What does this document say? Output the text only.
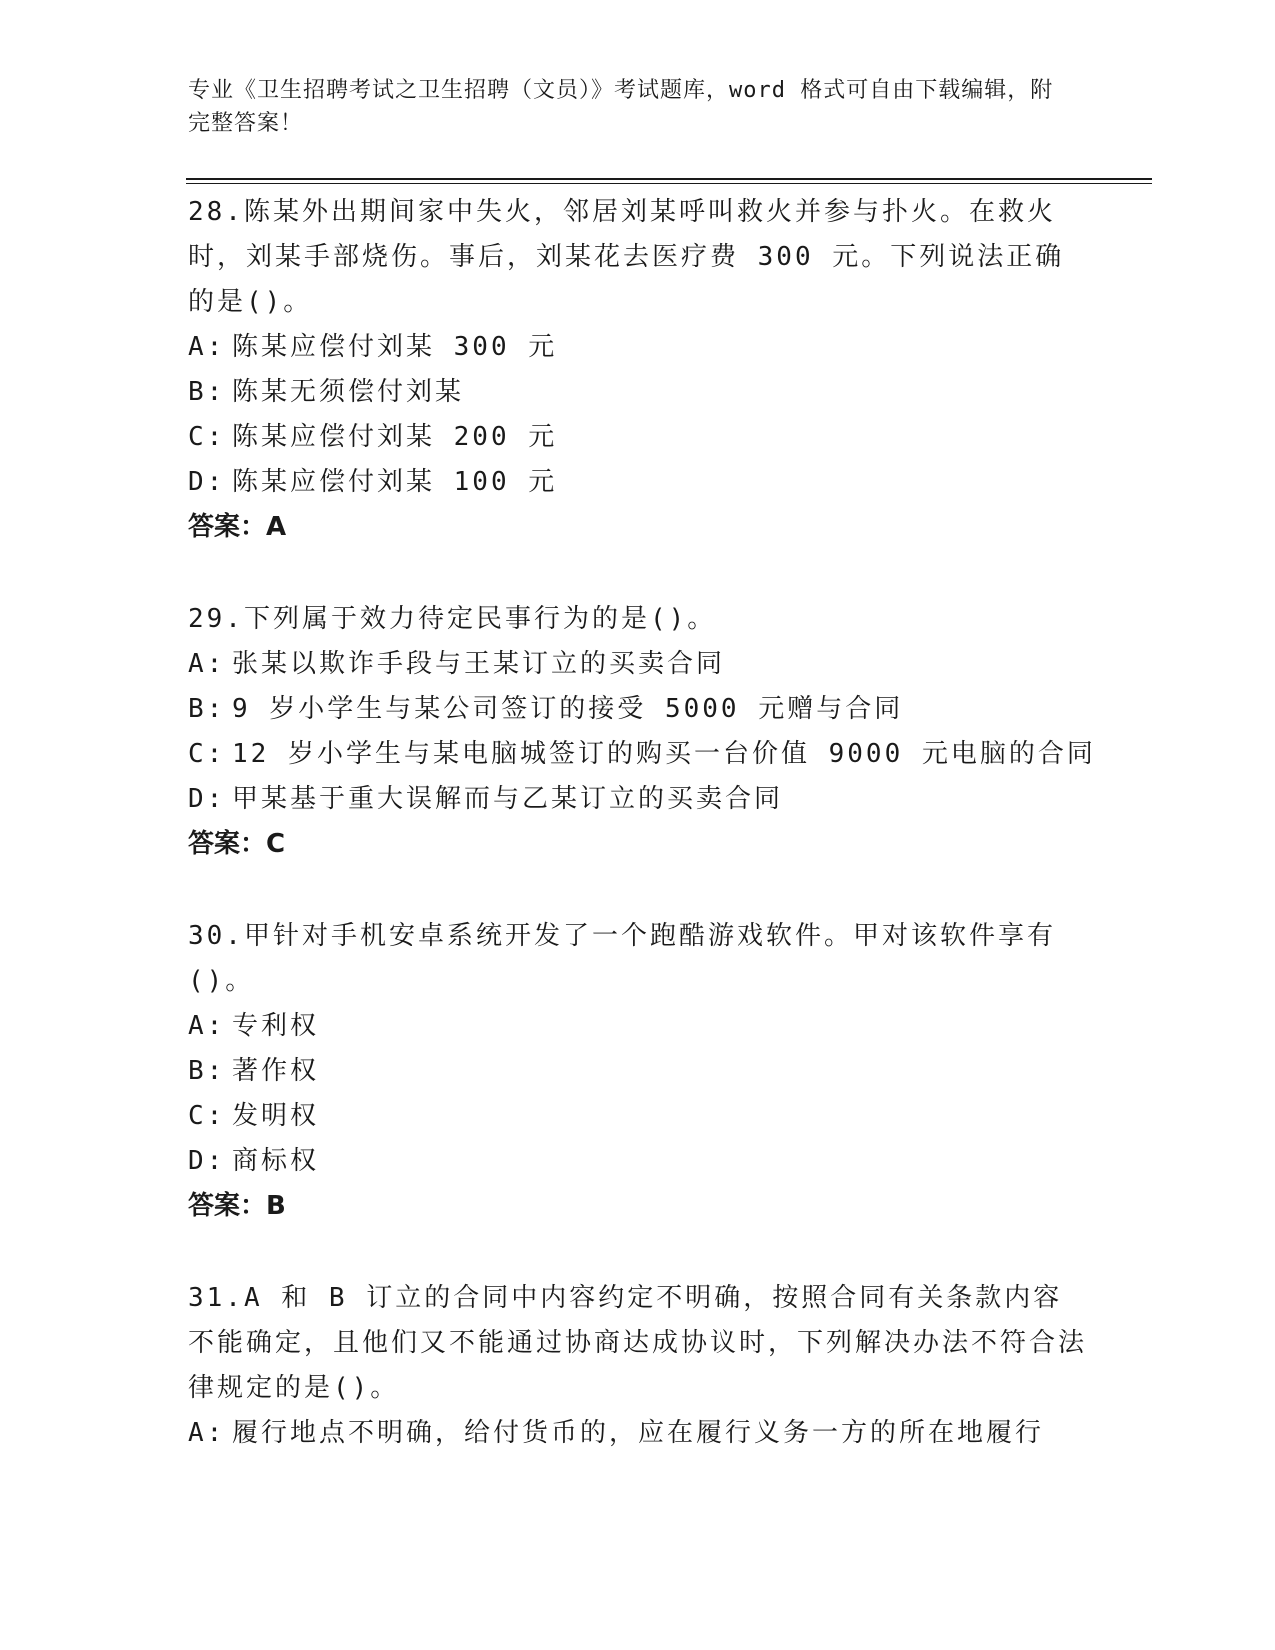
专业《卫生招聘考试之卫生招聘（文员）》考试题库，word 格式可自由下载编辑，附完整答案！

28.陈某外出期间家中失火，邻居刘某呼叫救火并参与扑火。在救火时，刘某手部烧伤。事后，刘某花去医疗费 300 元。下列说法正确的是()。

A: 陈某应偿付刘某 300 元

B: 陈某无须偿付刘某

C: 陈某应偿付刘某 200 元

D: 陈某应偿付刘某 100 元

答案：A

29.下列属于效力待定民事行为的是()。

A: 张某以欺诈手段与王某订立的买卖合同

B: 9 岁小学生与某公司签订的接受 5000 元赠与合同

C: 12 岁小学生与某电脑城签订的购买一台价值 9000 元电脑的合同

D: 甲某基于重大误解而与乙某订立的买卖合同

答案：C

30.甲针对手机安卓系统开发了一个跑酷游戏软件。甲对该软件享有()。

A: 专利权

B: 著作权

C: 发明权

D: 商标权

答案：B

31.A 和 B 订立的合同中内容约定不明确，按照合同有关条款内容不能确定，且他们又不能通过协商达成协议时，下列解决办法不符合法律规定的是()。

A: 履行地点不明确，给付货币的，应在履行义务一方的所在地履行
